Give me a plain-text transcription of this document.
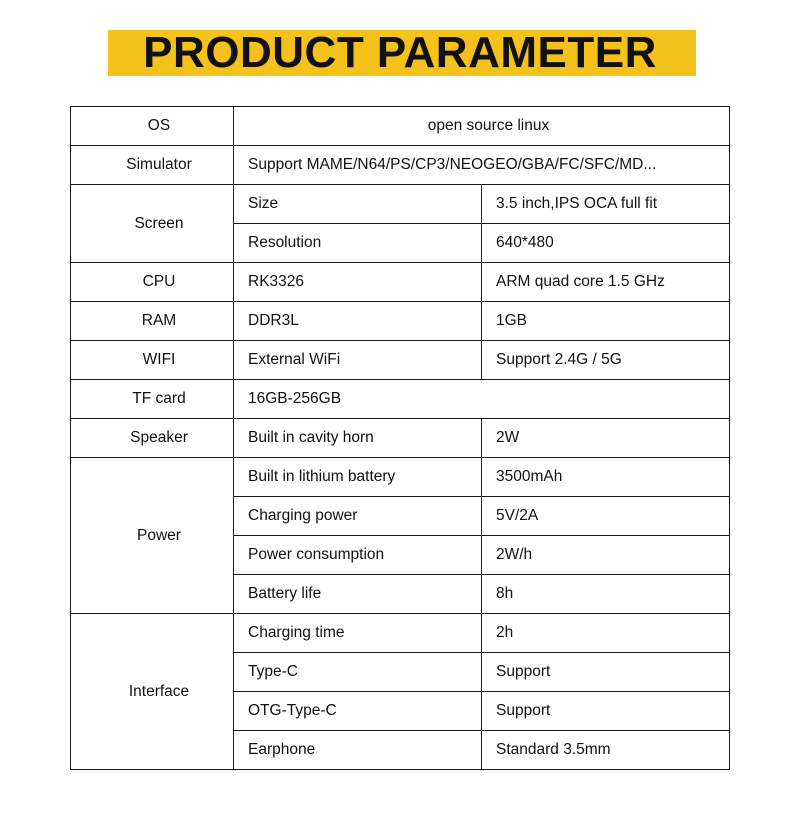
PRODUCT PARAMETER
OS	open source linux	
Simulator	Support MAME/N64/PS/CP3/NEOGEO/GBA/FC/SFC/MD...	
Screen	Size	3.5 inch,IPS OCA full fit
	Resolution	640*480
CPU	RK3326	ARM quad core 1.5 GHz
RAM	DDR3L	1GB
WIFI	External WiFi	Support 2.4G / 5G
TF card	16GB-256GB	
Speaker	Built in cavity horn	2W
Power	Built in lithium battery	3500mAh
	Charging power	5V/2A
	Power consumption	2W/h
	Battery life	8h
Interface	Charging time	2h
	Type-C	Support
	OTG-Type-C	Support
	Earphone	Standard 3.5mm
